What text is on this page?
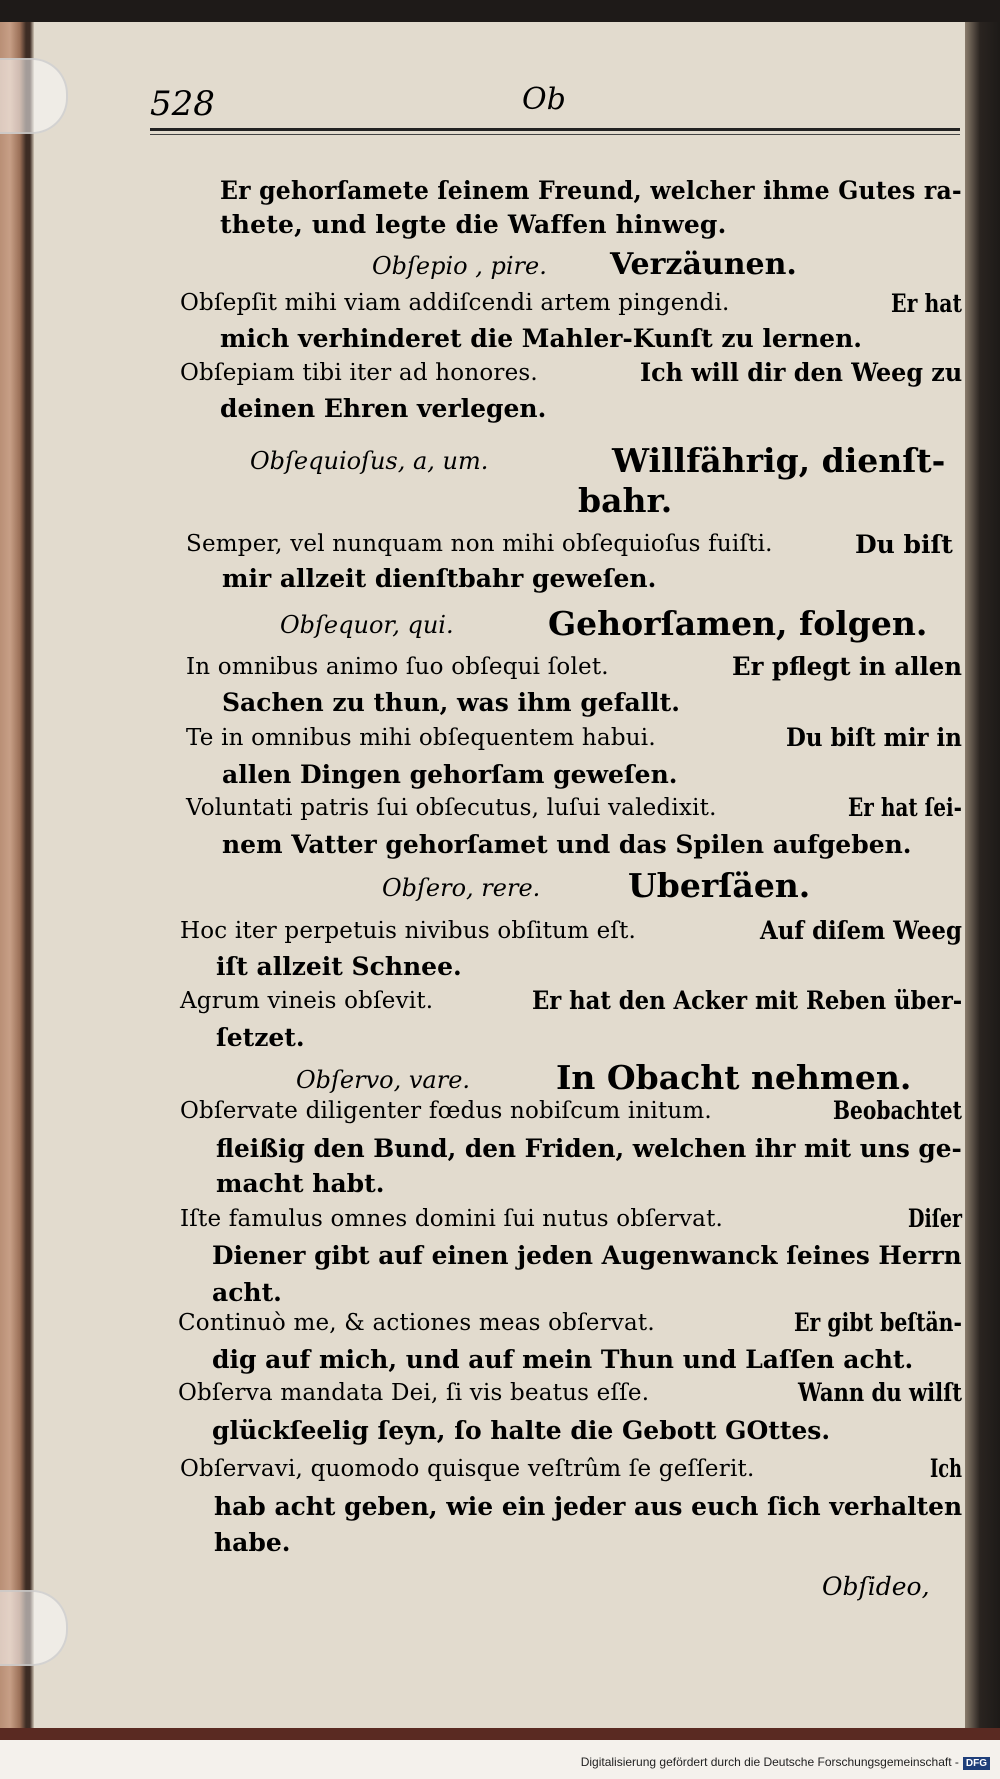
528	Ob
Er gehorſamete ſeinem Freund, welcher ihme Gutes ra-
thete, und legte die Waffen hinweg.
Obſepio , pire. Verzäunen.
Obſepſit mihi viam addiſcendi artem pingendi.	Er hat
mich verhinderet die Mahler-Kunſt zu lernen.
Obſepiam tibi iter ad honores.	Ich will dir den Weeg zu
deinen Ehren verlegen.
Obſequioſus, a, um.	Willfährig, dienſt-
bahr.
Semper, vel nunquam non mihi obſequioſus fuiſti.	Du biſt
mir allzeit dienſtbahr geweſen.
Obſequor, qui.	Gehorſamen, folgen.
In omnibus animo ſuo obſequi ſolet.	Er pflegt in allen
Sachen zu thun, was ihm gefallt.
Te in omnibus mihi obſequentem habui.	Du biſt mir in
allen Dingen gehorſam geweſen.
Voluntati patris ſui obſecutus, luſui valedixit.	Er hat ſei-
nem Vatter gehorſamet und das Spilen aufgeben.
Obſero, rere.	Uberſäen.
Hoc iter perpetuis nivibus obſitum eſt.	Auf diſem Weeg
iſt allzeit Schnee.
Agrum vineis obſevit.	Er hat den Acker mit Reben über-
ſetzet.
Obſervo, vare.	In Obacht nehmen.
Obſervate diligenter fœdus nobiſcum initum.	Beobachtet
fleißig den Bund, den Friden, welchen ihr mit uns ge-
macht habt.
Iſte famulus omnes domini ſui nutus obſervat.	Diſer
Diener gibt auf einen jeden Augenwanck ſeines Herrn
acht.
Continuò me, & actiones meas obſervat.	Er gibt beſtän-
dig auf mich, und auf mein Thun und Laſſen acht.
Obſerva mandata Dei, ſi vis beatus eſſe.	Wann du wilſt
glückſeelig ſeyn, ſo halte die Gebott GOttes.
Obſervavi, quomodo quisque veſtrûm ſe geſſerit.	Ich
hab acht geben, wie ein jeder aus euch ſich verhalten
habe.
Obſideo,
Digitalisierung gefördert durch die Deutsche Forschungsgemeinschaft - DFG
